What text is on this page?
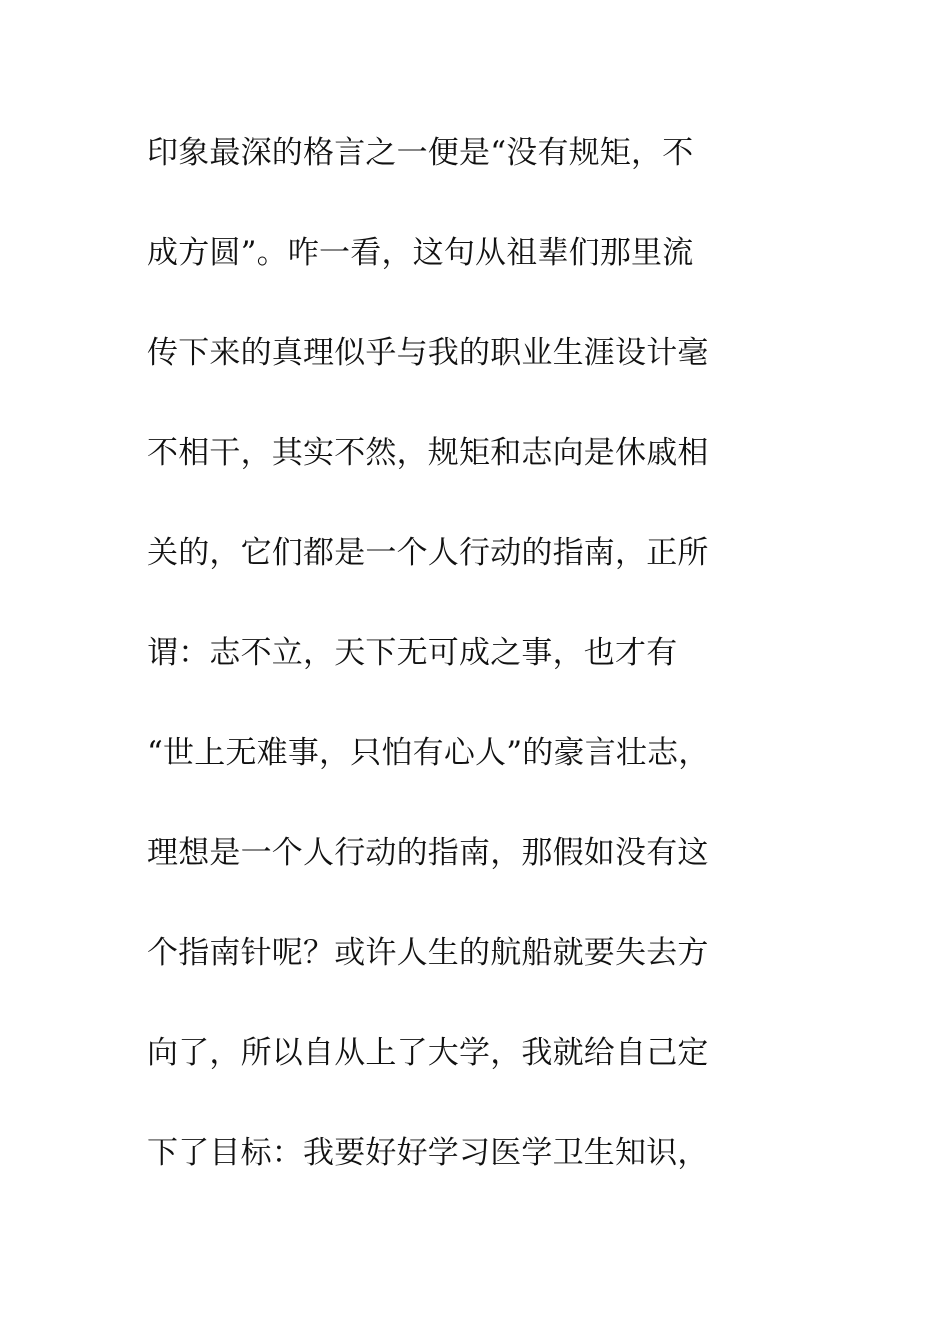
印象最深的格言之一便是“没有规矩，不
成方圆”。咋一看，这句从祖辈们那里流
传下来的真理似乎与我的职业生涯设计毫
不相干，其实不然，规矩和志向是休戚相
关的，它们都是一个人行动的指南，正所
谓：志不立，天下无可成之事，也才有
“世上无难事，只怕有心人”的豪言壮志，
理想是一个人行动的指南，那假如没有这
个指南针呢？或许人生的航船就要失去方
向了，所以自从上了大学，我就给自己定
下了目标：我要好好学习医学卫生知识，
